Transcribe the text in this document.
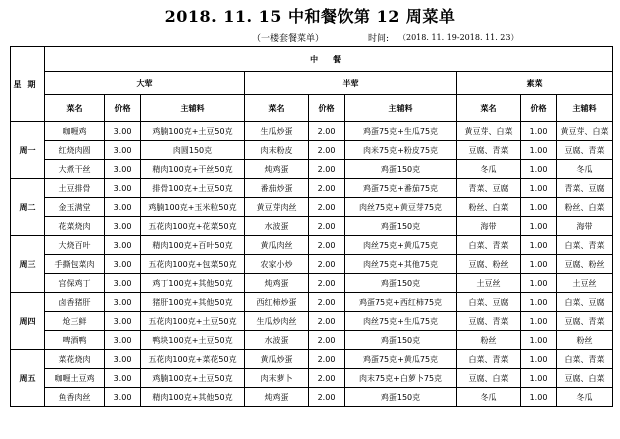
2018. 11. 15 中和餐饮第 12 周菜单
（一楼套餐菜单）	时间: （2018. 11. 19-2018. 11. 23）
星期	中 餐								
	大荤			半荤			素菜		
	菜名	价格	主辅料	菜名	价格	主辅料	菜名	价格	主辅料
周一	咖喱鸡	3.00	鸡腩100克+土豆50克	生瓜炒蛋	2.00	鸡蛋75克+生瓜75克	黄豆芽、白菜	1.00	黄豆芽、白菜
	红烧肉圆	3.00	肉圆150克	肉末粉皮	2.00	肉米75克+粉皮75克	豆腐、青菜	1.00	豆腐、青菜
	大煮干丝	3.00	精肉100克+干丝50克	炖鸡蛋	2.00	鸡蛋150克	冬瓜	1.00	冬瓜
周二	土豆排骨	3.00	排骨100克+土豆50克	番茄炒蛋	2.00	鸡蛋75克+番茄75克	青菜、豆腐	1.00	青菜、豆腐
	金玉满堂	3.00	鸡腩100克+玉米粒50克	黄豆芽肉丝	2.00	肉丝75克+黄豆芽75克	粉丝、白菜	1.00	粉丝、白菜
	花菜烧肉	3.00	五花肉100克+花菜50克	水波蛋	2.00	鸡蛋150克	海带	1.00	海带
周三	大烧百叶	3.00	精肉100克+百叶50克	黄瓜肉丝	2.00	肉丝75克+黄瓜75克	白菜、青菜	1.00	白菜、青菜
	手撕包菜肉	3.00	五花肉100克+包菜50克	农家小炒	2.00	肉丝75克+其他75克	豆腐、粉丝	1.00	豆腐、粉丝
	宫保鸡丁	3.00	鸡丁100克+其他50克	炖鸡蛋	2.00	鸡蛋150克	土豆丝	1.00	土豆丝
周四	卤香猪肝	3.00	猪肝100克+其他50克	西红柿炒蛋	2.00	鸡蛋75克+西红柿75克	白菜、豆腐	1.00	白菜、豆腐
	炝三鲜	3.00	五花肉100克+土豆50克	生瓜炒肉丝	2.00	肉丝75克+生瓜75克	豆腐、青菜	1.00	豆腐、青菜
	啤酒鸭	3.00	鸭块100克+土豆50克	水波蛋	2.00	鸡蛋150克	粉丝	1.00	粉丝
周五	菜花烧肉	3.00	五花肉100克+菜花50克	黄瓜炒蛋	2.00	鸡蛋75克+黄瓜75克	白菜、青菜	1.00	白菜、青菜
	咖喱土豆鸡	3.00	鸡腩100克+土豆50克	肉末萝卜	2.00	肉末75克+白萝卜75克	豆腐、白菜	1.00	豆腐、白菜
	鱼香肉丝	3.00	精肉100克+其他50克	炖鸡蛋	2.00	鸡蛋150克	冬瓜	1.00	冬瓜
